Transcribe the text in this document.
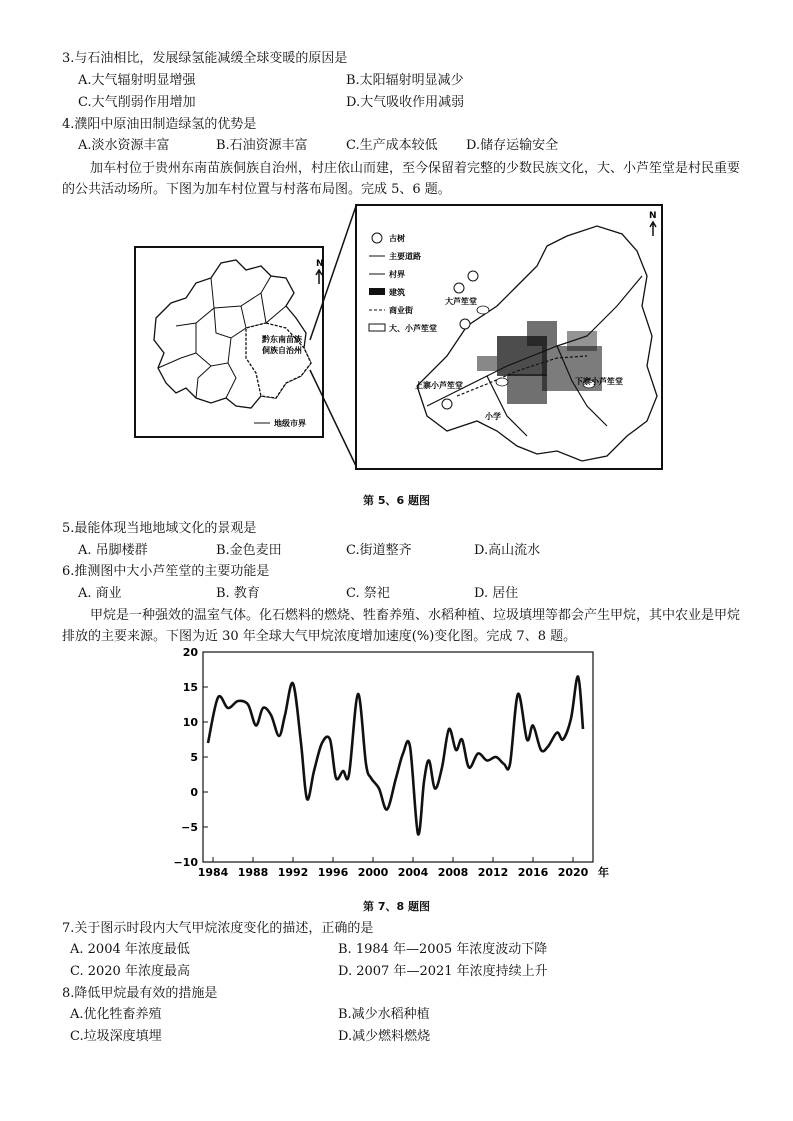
3.与石油相比，发展绿氢能减缓全球变暖的原因是
A.大气辐射明显增强	B.太阳辐射明显减少
C.大气削弱作用增加	D.大气吸收作用减弱
4.濮阳中原油田制造绿氢的优势是
A.淡水资源丰富	B.石油资源丰富	C.生产成本较低 D.储存运输安全
加车村位于贵州东南苗族侗族自治州，村庄依山而建，至今保留着完整的少数民族文化，大、小芦笙堂是村民重要的公共活动场所。下图为加车村位置与村落布局图。完成 5、6 题。
黔东南苗族
侗族自治州
N
地级市界
大芦笙堂
上寨小芦笙堂	下寨小芦笙堂
小学
古树
主要道路
村界
建筑
商业街
大、小芦笙堂
N
第 5、6 题图
5.最能体现当地地域文化的景观是
A. 吊脚楼群	B.金色麦田	C.街道整齐	D.高山流水
6.推测图中大小芦笙堂的主要功能是
A. 商业	B. 教育	C. 祭祀	D. 居住
甲烷是一种强效的温室气体。化石燃料的燃烧、牲畜养殖、水稻种植、垃圾填埋等都会产生甲烷，其中农业是甲烷排放的主要来源。下图为近 30 年全球大气甲烷浓度增加速度(%)变化图。完成 7、8 题。
20
15
10
5
0
−5
−10
1984 1988 1992 1996 2000 2004 2008 2012 2016 2020 年
第 7、8 题图
7.关于图示时段内大气甲烷浓度变化的描述，正确的是
A. 2004 年浓度最低	B. 1984 年—2005 年浓度波动下降
C. 2020 年浓度最高	D. 2007 年—2021 年浓度持续上升
8.降低甲烷最有效的措施是
A.优化牲畜养殖	B.减少水稻种植
C.垃圾深度填埋	D.减少燃料燃烧
